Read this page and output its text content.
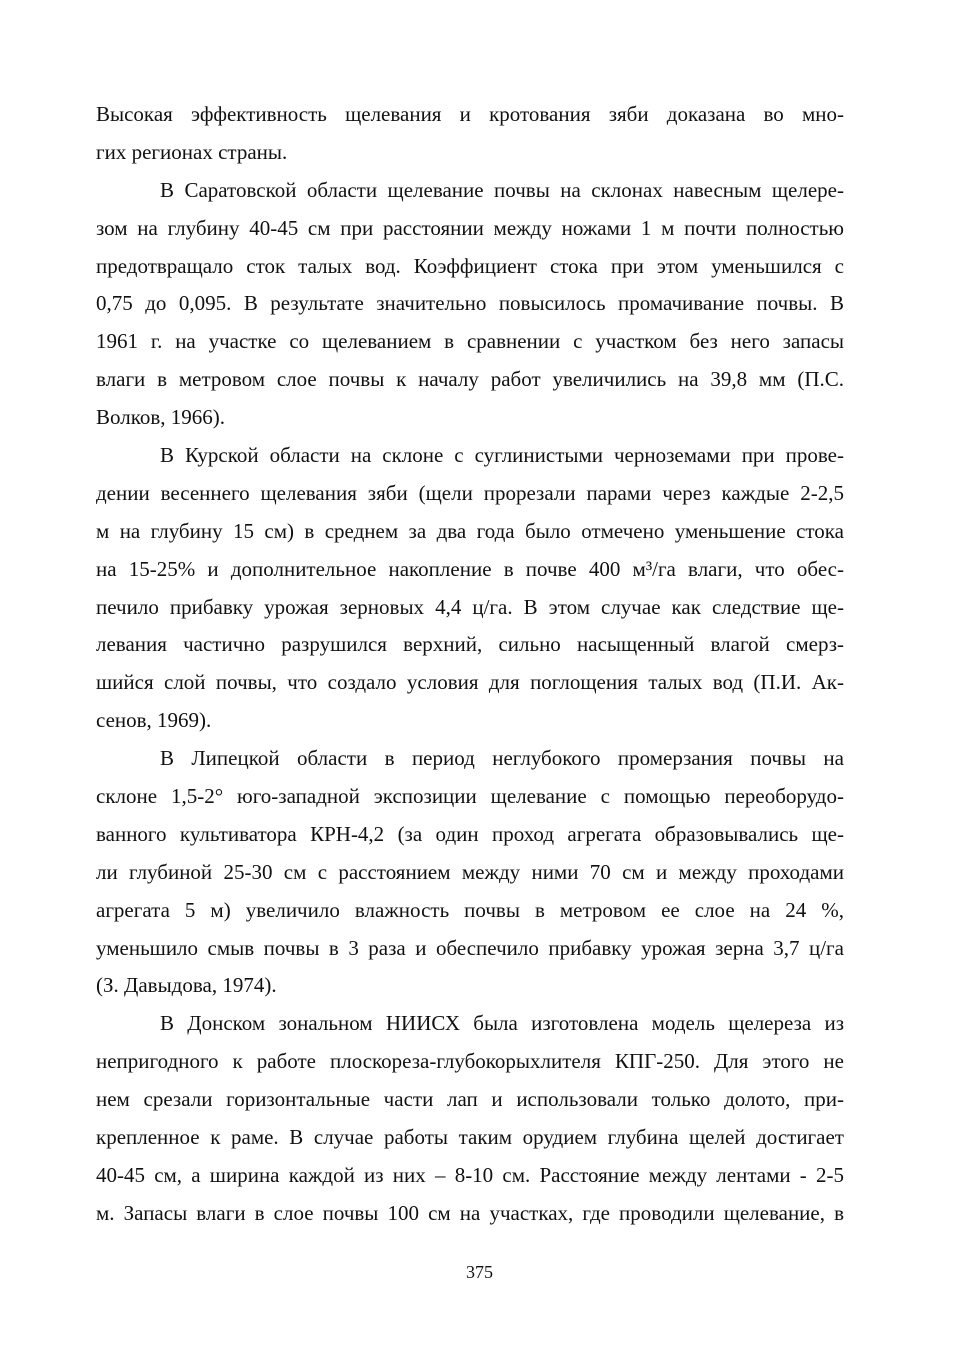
Высокая эффективность щелевания и кротования зяби доказана во мно-
гих регионах страны.
В Саратовской области щелевание почвы на склонах навесным щелере-
зом на глубину 40-45 см при расстоянии между ножами 1 м почти полностью
предотвращало сток талых вод. Коэффициент стока при этом уменьшился с
0,75 до 0,095. В результате значительно повысилось промачивание почвы. В
1961 г. на участке со щелеванием в сравнении с участком без него запасы
влаги в метровом слое почвы к началу работ увеличились на 39,8 мм (П.С.
Волков, 1966).
В Курской области на склоне с суглинистыми черноземами при прове-
дении весеннего щелевания зяби (щели прорезали парами через каждые 2-2,5
м на глубину 15 см) в среднем за два года было отмечено уменьшение стока
на 15-25% и дополнительное накопление в почве 400 м³/га влаги, что обес-
печило прибавку урожая зерновых 4,4 ц/га. В этом случае как следствие ще-
левания частично разрушился верхний, сильно насыщенный влагой смерз-
шийся слой почвы, что создало условия для поглощения талых вод (П.И. Ак-
сенов, 1969).
В Липецкой области в период неглубокого промерзания почвы на
склоне 1,5-2° юго-западной экспозиции щелевание с помощью переоборудо-
ванного культиватора КРН-4,2 (за один проход агрегата образовывались ще-
ли глубиной 25-30 см с расстоянием между ними 70 см и между проходами
агрегата 5 м) увеличило влажность почвы в метровом ее слое на 24 %,
уменьшило смыв почвы в 3 раза и обеспечило прибавку урожая зерна 3,7 ц/га
(З. Давыдова, 1974).
В Донском зональном НИИСХ была изготовлена модель щелереза из
непригодного к работе плоскореза-глубокорыхлителя КПГ-250. Для этого не
нем срезали горизонтальные части лап и использовали только долото, при-
крепленное к раме. В случае работы таким орудием глубина щелей достигает
40-45 см, а ширина каждой из них – 8-10 см. Расстояние между лентами - 2-5
м. Запасы влаги в слое почвы 100 см на участках, где проводили щелевание, в
375
